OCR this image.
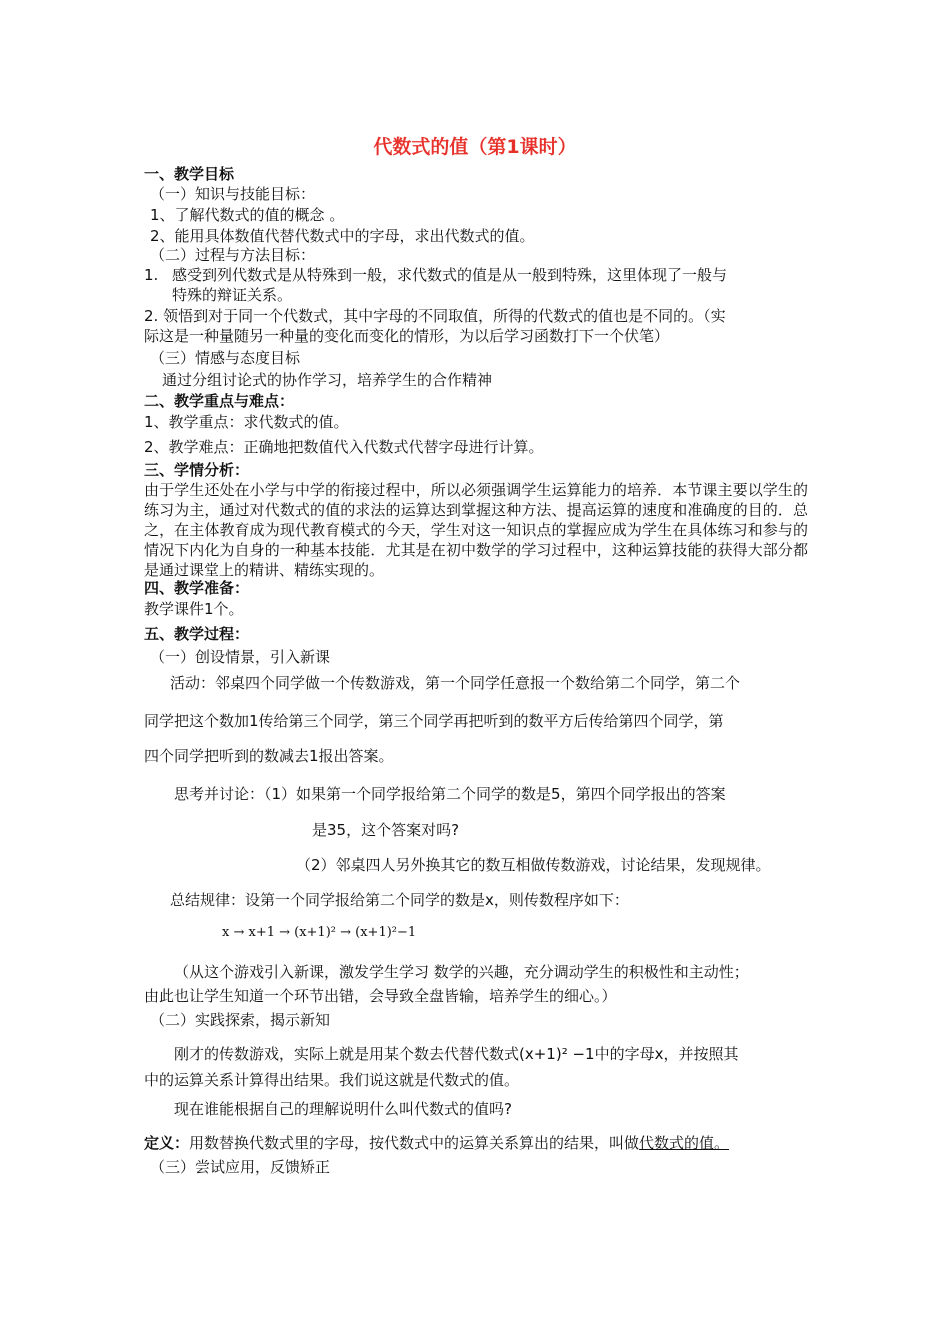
代数式的值（第1课时）
一、教学目标
（一）知识与技能目标：
1、了解代数式的值的概念 。
2、能用具体数值代替代数式中的字母，求出代数式的值。
（二）过程与方法目标：
1. 感受到列代数式是从特殊到一般，求代数式的值是从一般到特殊，这里体现了一般与
特殊的辩证关系。
2. 领悟到对于同一个代数式，其中字母的不同取值，所得的代数式的值也是不同的。（实
际这是一种量随另一种量的变化而变化的情形，为以后学习函数打下一个伏笔）
（三）情感与态度目标
通过分组讨论式的协作学习，培养学生的合作精神
二、教学重点与难点：
1、教学重点：求代数式的值。
2、教学难点：正确地把数值代入代数式代替字母进行计算。
三、学情分析：
由于学生还处在小学与中学的衔接过程中，所以必须强调学生运算能力的培养．本节课主要以学生的练习为主，通过对代数式的值的求法的运算达到掌握这种方法、提高运算的速度和准确度的目的．总之，在主体教育成为现代教育模式的今天，学生对这一知识点的掌握应成为学生在具体练习和参与的情况下内化为自身的一种基本技能．尤其是在初中数学的学习过程中，这种运算技能的获得大部分都是通过课堂上的精讲、精练实现的。
四、教学准备：
教学课件1个。
五、教学过程：
（一）创设情景，引入新课
活动：邻桌四个同学做一个传数游戏，第一个同学任意报一个数给第二个同学，第二个
同学把这个数加1传给第三个同学，第三个同学再把听到的数平方后传给第四个同学，第
四个同学把听到的数减去1报出答案。
思考并讨论：（1）如果第一个同学报给第二个同学的数是5，第四个同学报出的答案
是35，这个答案对吗?
（2）邻桌四人另外换其它的数互相做传数游戏，讨论结果，发现规律。
总结规律：设第一个同学报给第二个同学的数是x，则传数程序如下：
x → x+1 → (x+1)² → (x+1)²−1
（从这个游戏引入新课，激发学生学习 数学的兴趣，充分调动学生的积极性和主动性；
由此也让学生知道一个环节出错，会导致全盘皆输，培养学生的细心。）
（二）实践探索，揭示新知
刚才的传数游戏，实际上就是用某个数去代替代数式(x+1)² −1中的字母x，并按照其
中的运算关系计算得出结果。我们说这就是代数式的值。
现在谁能根据自己的理解说明什么叫代数式的值吗?
定义：用数替换代数式里的字母，按代数式中的运算关系算出的结果，叫做代数式的值。
（三）尝试应用，反馈矫正
